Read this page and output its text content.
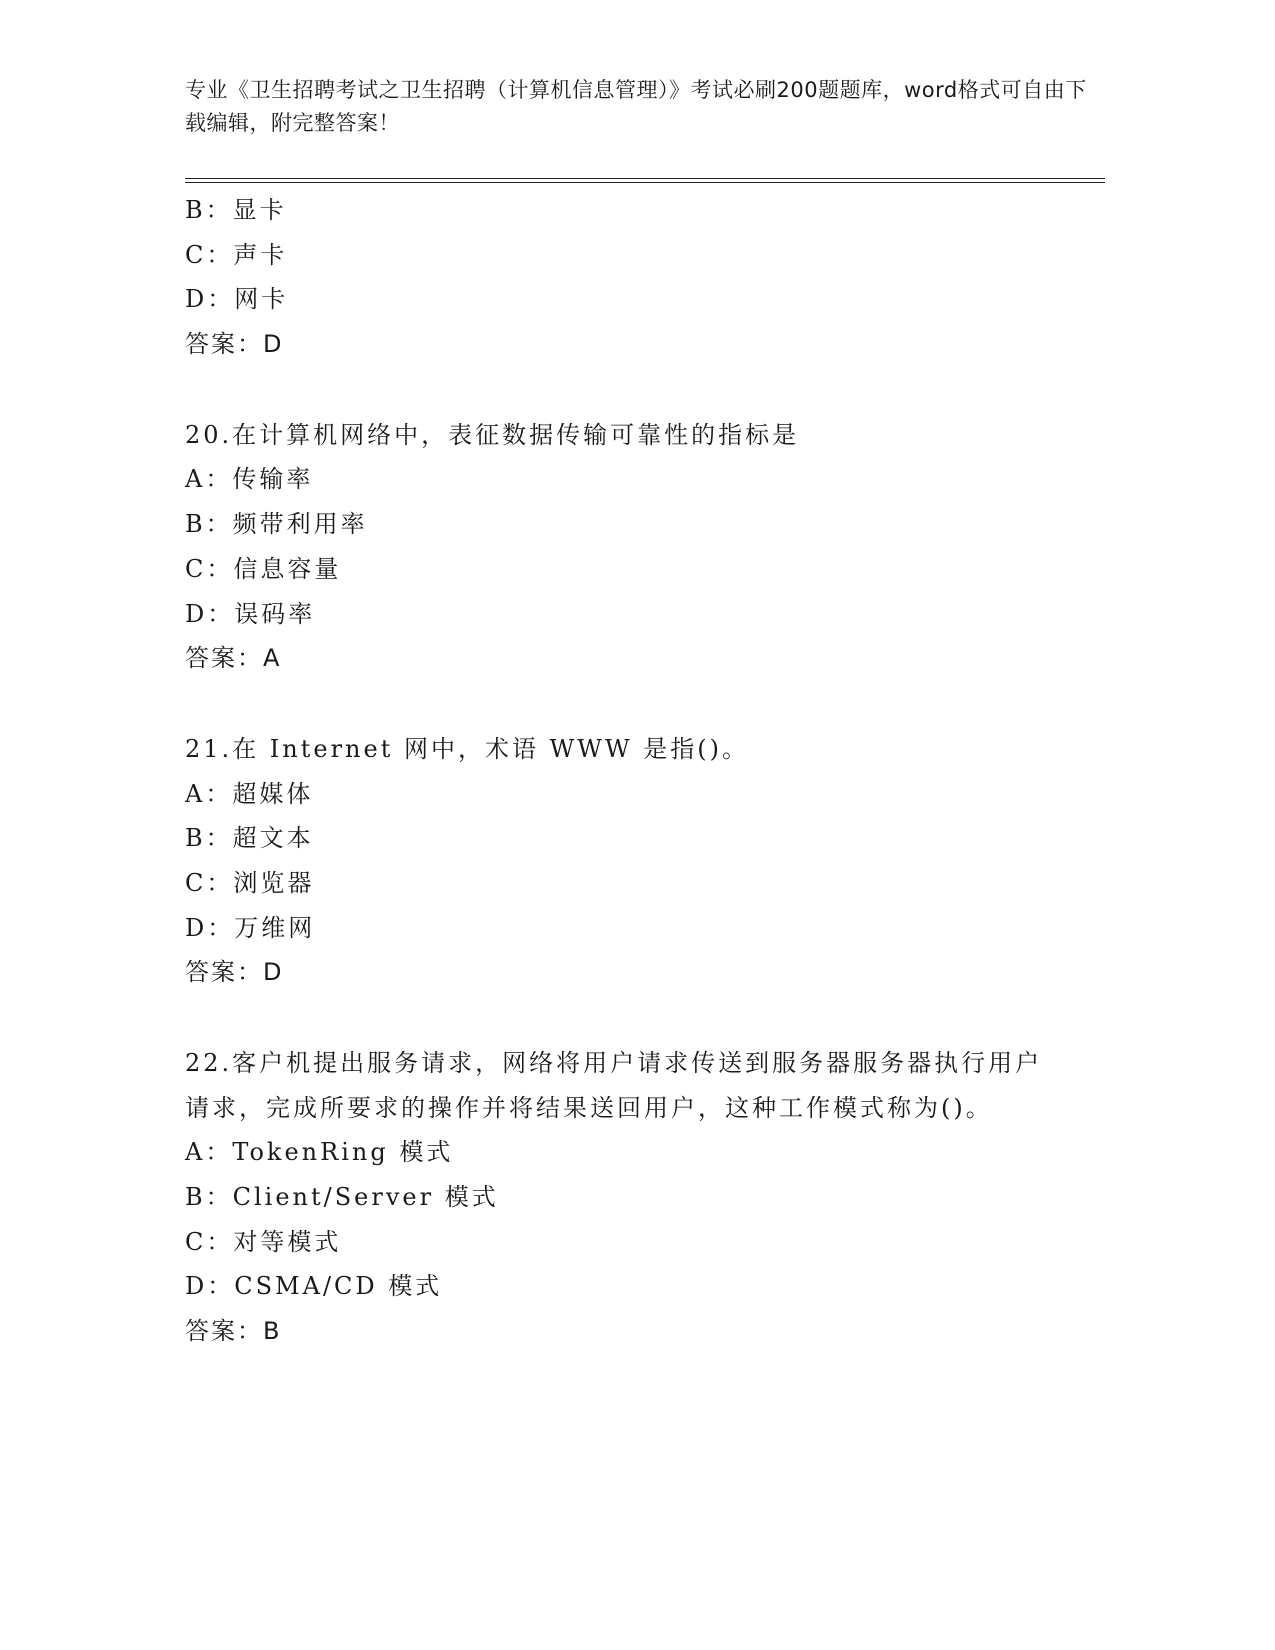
专业《卫生招聘考试之卫生招聘（计算机信息管理）》考试必刷200题题库，word格式可自由下载编辑，附完整答案！
B：显卡
C：声卡
D：网卡
答案：D
20.在计算机网络中，表征数据传输可靠性的指标是
A：传输率
B：频带利用率
C：信息容量
D：误码率
答案：A
21.在 Internet 网中，术语 WWW 是指()。
A：超媒体
B：超文本
C：浏览器
D：万维网
答案：D
22.客户机提出服务请求，网络将用户请求传送到服务器服务器执行用户请求，完成所要求的操作并将结果送回用户，这种工作模式称为()。
A：TokenRing 模式
B：Client/Server 模式
C：对等模式
D：CSMA/CD 模式
答案：B
